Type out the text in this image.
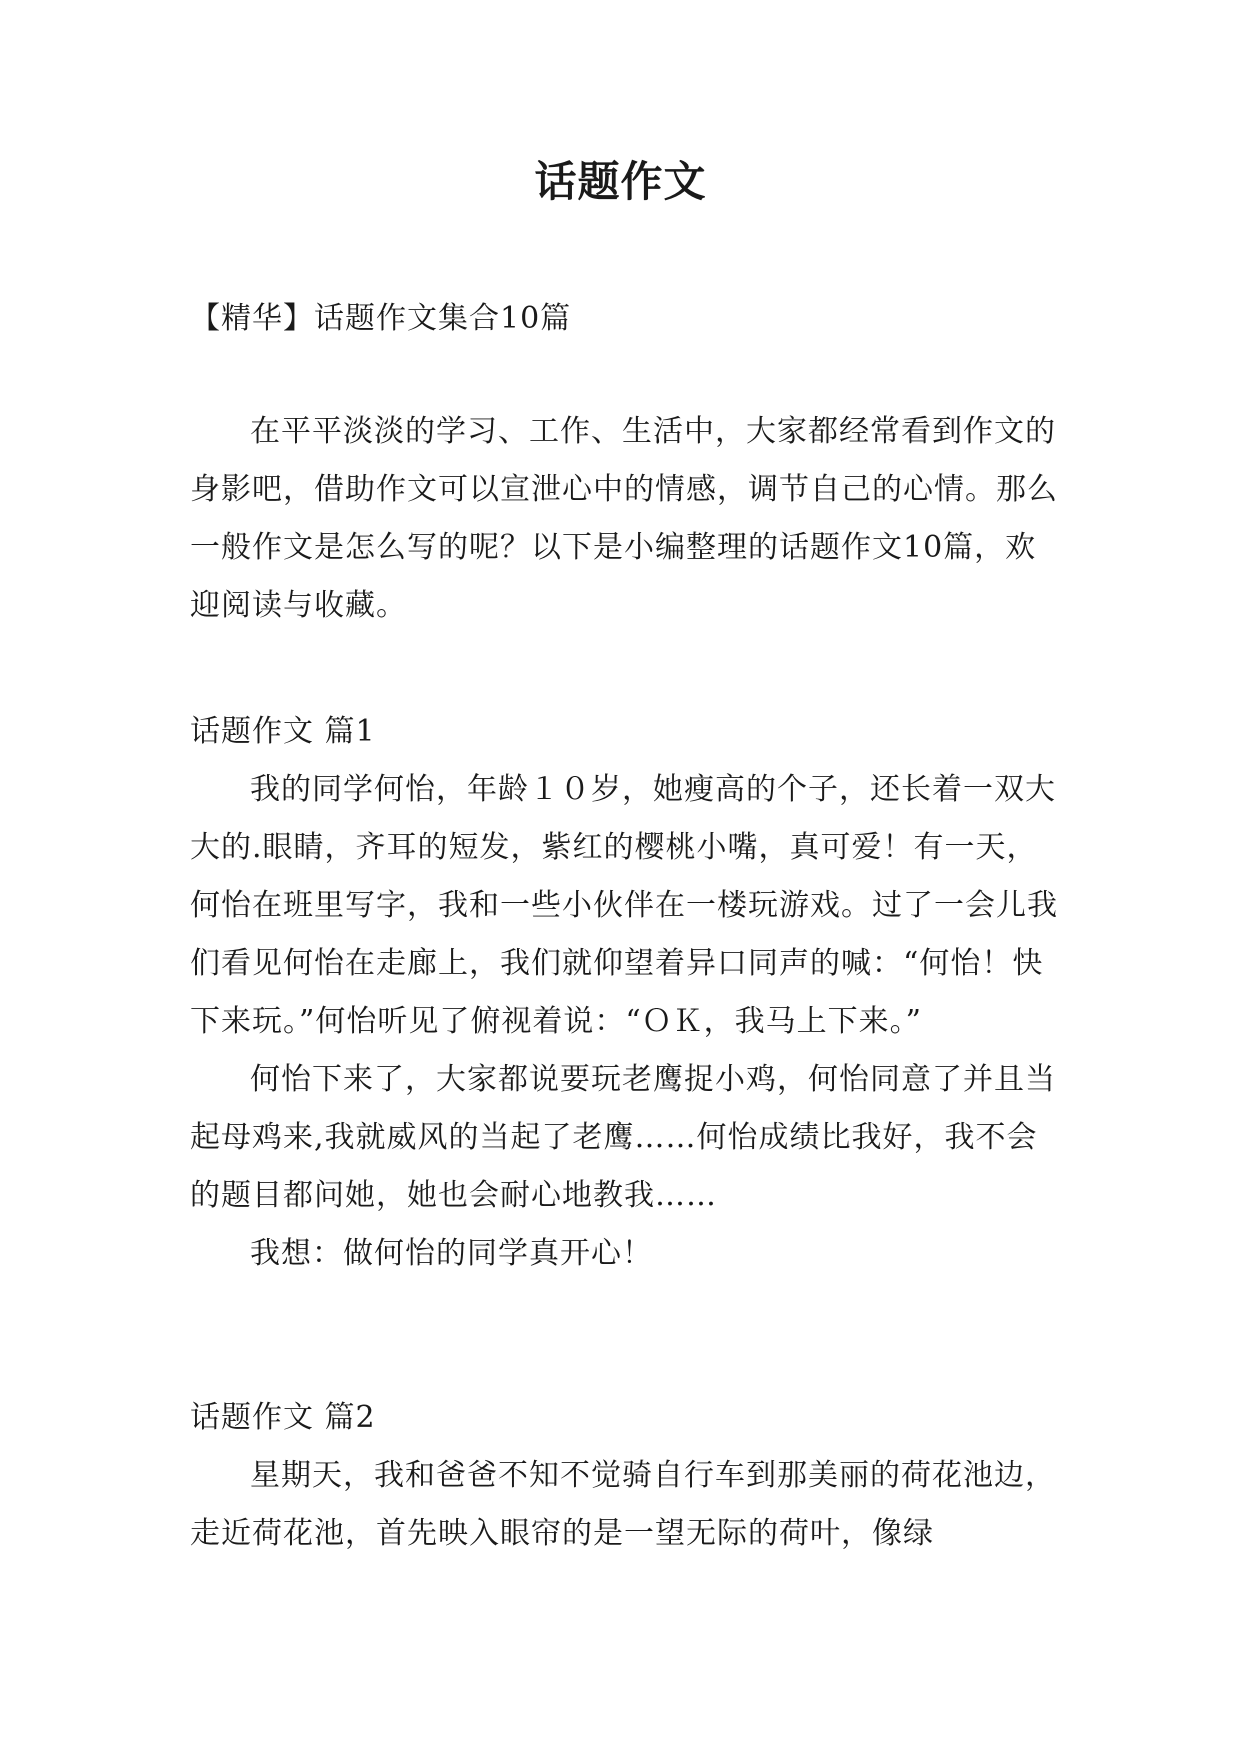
话题作文

【精华】话题作文集合10篇

在平平淡淡的学习、工作、生活中，大家都经常看到作文的身影吧，借助作文可以宣泄心中的情感，调节自己的心情。那么一般作文是怎么写的呢？以下是小编整理的话题作文10篇，欢迎阅读与收藏。

话题作文 篇1

我的同学何怡，年龄１０岁，她瘦高的个子，还长着一双大大的.眼睛，齐耳的短发，紫红的樱桃小嘴，真可爱！有一天，何怡在班里写字，我和一些小伙伴在一楼玩游戏。过了一会儿我们看见何怡在走廊上，我们就仰望着异口同声的喊：“何怡！快下来玩。”何怡听见了俯视着说：“ＯＫ，我马上下来。”

何怡下来了，大家都说要玩老鹰捉小鸡，何怡同意了并且当起母鸡来,我就威风的当起了老鹰……何怡成绩比我好，我不会的题目都问她，她也会耐心地教我……

我想：做何怡的同学真开心！

话题作文 篇2

星期天，我和爸爸不知不觉骑自行车到那美丽的荷花池边，走近荷花池，首先映入眼帘的是一望无际的荷叶，像绿
